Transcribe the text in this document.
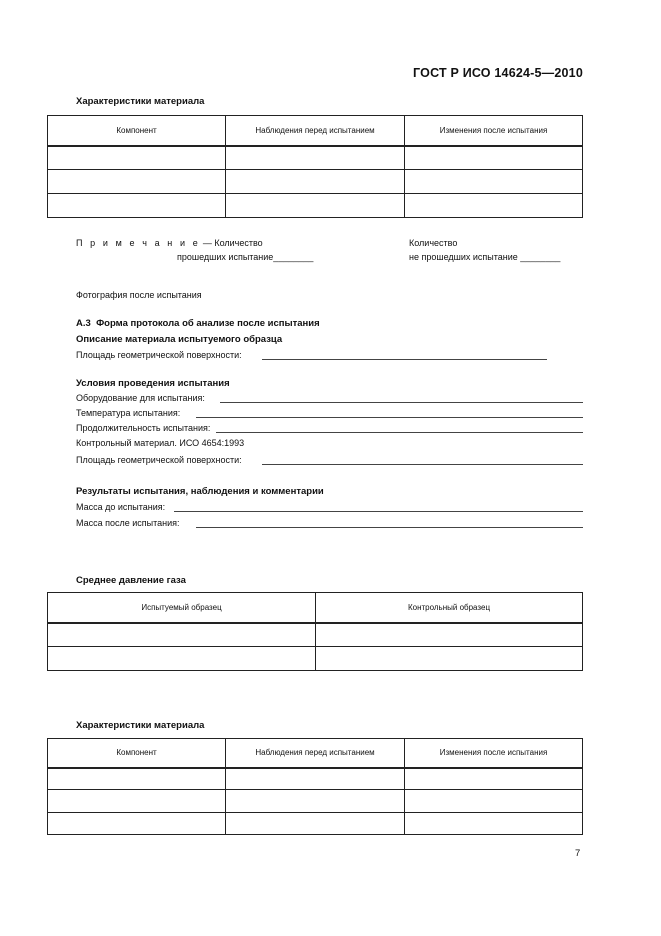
ГОСТ Р ИСО 14624-5—2010
Характеристики материала
Компонент	Наблюдения перед испытанием	Изменения после испытания

П р и м е ч а н и е — Количество
прошедших испытание________
Количество
не прошедших испытание ________
Фотография после испытания
А.3 Форма протокола об анализе после испытания
Описание материала испытуемого образца
Площадь геометрической поверхности:
Условия проведения испытания
Оборудование для испытания:
Температура испытания:
Продолжительность испытания:
Контрольный материал. ИСО 4654:1993
Площадь геометрической поверхности:
Результаты испытания, наблюдения и комментарии
Масса до испытания:
Масса после испытания:
Среднее давление газа
Испытуемый образец	Контрольный образец

Характеристики материала
Компонент	Наблюдения перед испытанием	Изменения после испытания

7
